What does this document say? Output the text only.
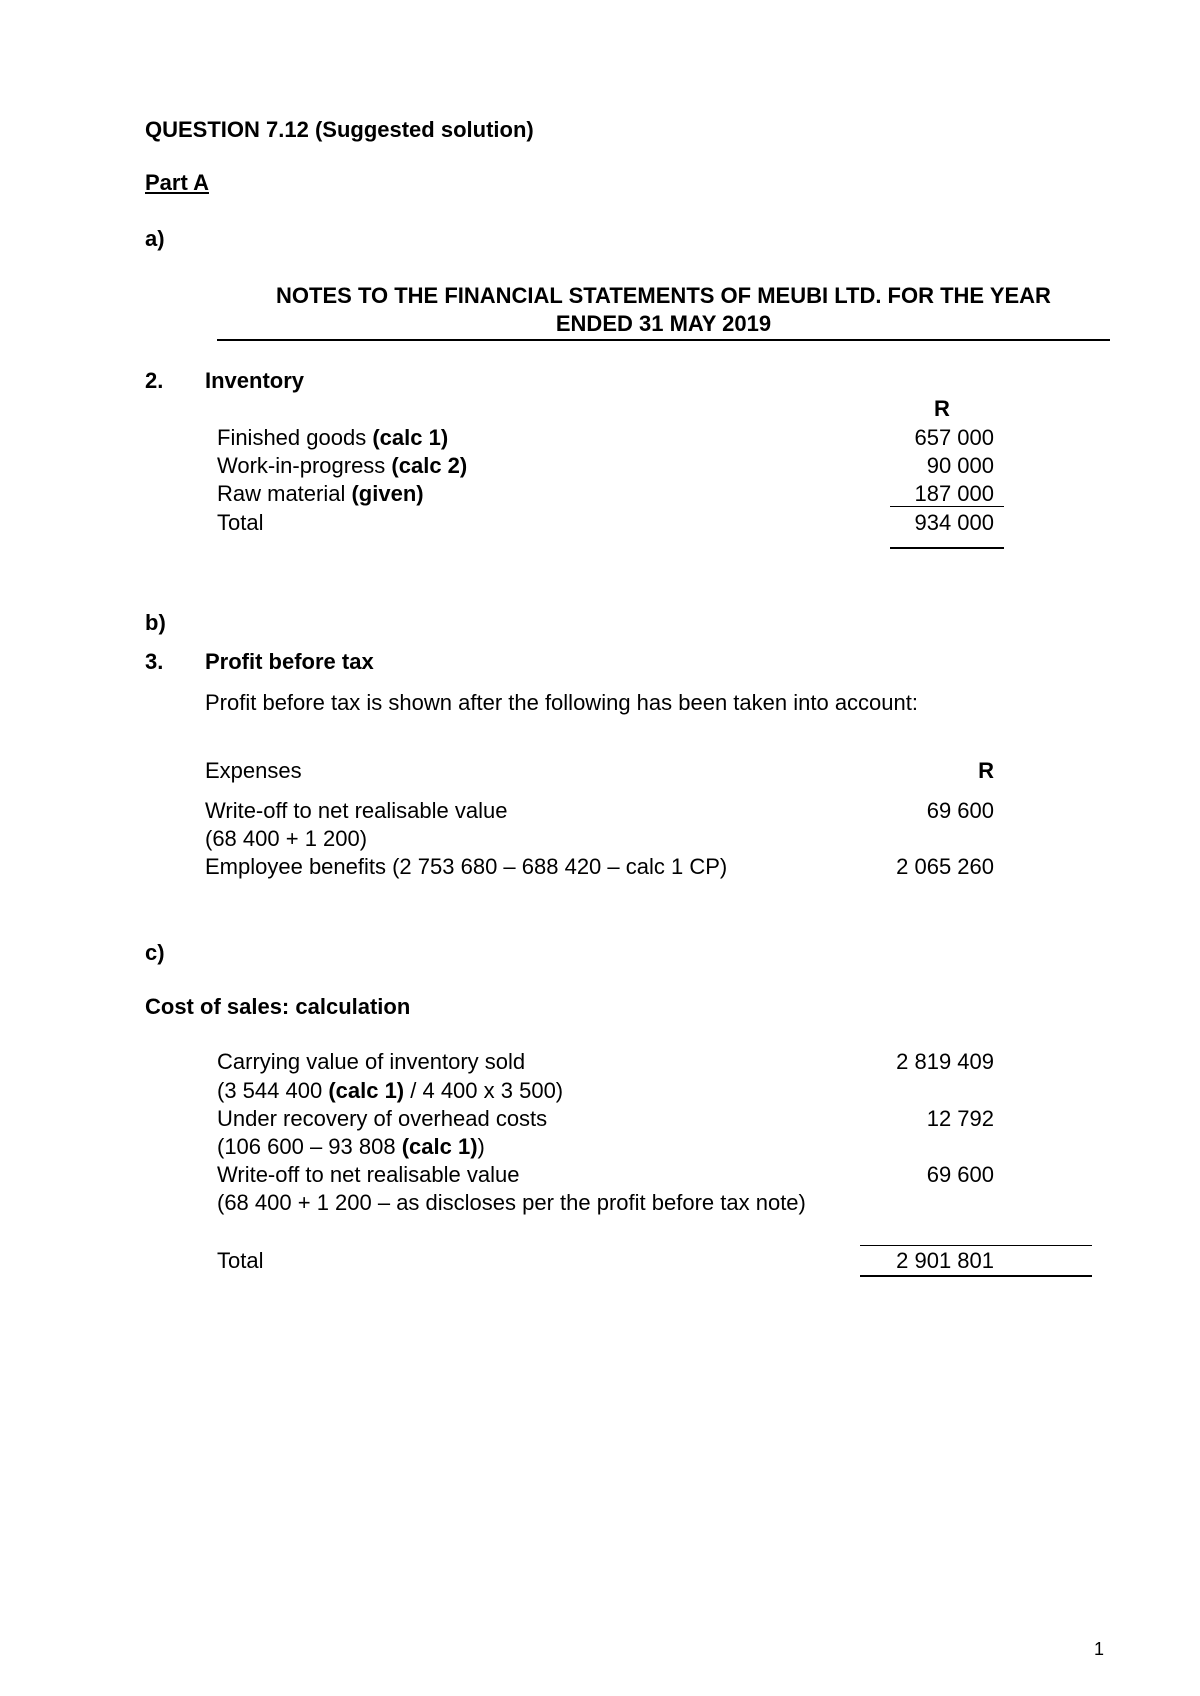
QUESTION 7.12 (Suggested solution)
Part A
a)
NOTES TO THE FINANCIAL STATEMENTS OF MEUBI LTD. FOR THE YEAR
ENDED 31 MAY 2019
2. Inventory
R
Finished goods (calc 1)	657 000
Work-in-progress (calc 2)	90 000
Raw material (given)	187 000
Total	934 000
b)
3. Profit before tax
Profit before tax is shown after the following has been taken into account:
Expenses	R
Write-off to net realisable value	69 600
(68 400 + 1 200)
Employee benefits (2 753 680 – 688 420 – calc 1 CP)	2 065 260
c)
Cost of sales: calculation
Carrying value of inventory sold	2 819 409
(3 544 400 (calc 1) / 4 400 x 3 500)
Under recovery of overhead costs	12 792
(106 600 – 93 808 (calc 1))
Write-off to net realisable value	69 600
(68 400 + 1 200 – as discloses per the profit before tax note)
Total	2 901 801
1
